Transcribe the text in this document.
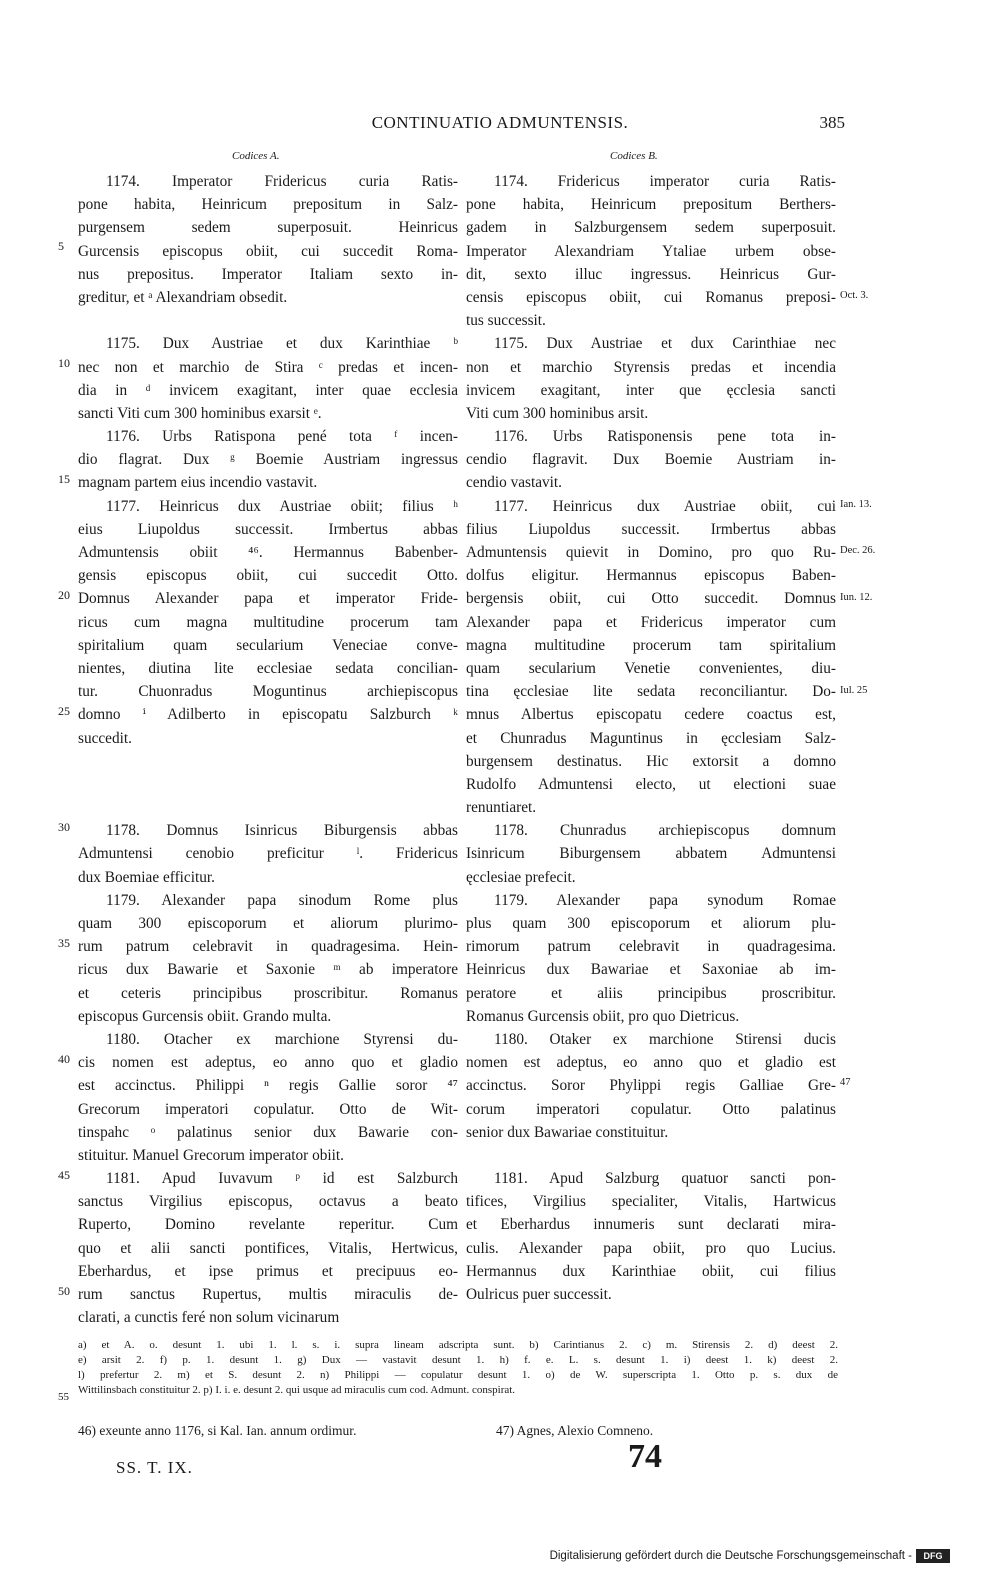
CONTINUATIO ADMUNTENSIS.	385
Codices A.	Codices B.
1174. Imperator Fridericus curia Ratis-
pone habita, Heinricum prepositum in Salz-
purgensem sedem superposuit. Heinricus
Gurcensis episcopus obiit, cui succedit Roma-
nus prepositus. Imperator Italiam sexto in-
greditur, et ᵃ Alexandriam obsedit.
1175. Dux Austriae et dux Karinthiae ᵇ
nec non et marchio de Stira ᶜ predas et incen-
dia in ᵈ invicem exagitant, inter quae ecclesia
sancti Viti cum 300 hominibus exarsit ᵉ.
1176. Urbs Ratispona pené tota ᶠ incen-
dio flagrat. Dux ᵍ Boemie Austriam ingressus
magnam partem eius incendio vastavit.
1177. Heinricus dux Austriae obiit; filius ʰ
eius Liupoldus successit. Irmbertus abbas
Admuntensis obiit ⁴⁶. Hermannus Babenber-
gensis episcopus obiit, cui succedit Otto.
Domnus Alexander papa et imperator Fride-
ricus cum magna multitudine procerum tam
spiritalium quam secularium Veneciae conve-
nientes, diutina lite ecclesiae sedata concilian-
tur. Chuonradus Moguntinus archiepiscopus
domno ⁱ Adilberto in episcopatu Salzburch ᵏ
succedit.
1178. Domnus Isinricus Biburgensis abbas
Admuntensi cenobio preficitur ˡ. Fridericus
dux Boemiae efficitur.
1179. Alexander papa sinodum Rome plus
quam 300 episcoporum et aliorum plurimo-
rum patrum celebravit in quadragesima. Hein-
ricus dux Bawarie et Saxonie ᵐ ab imperatore
et ceteris principibus proscribitur. Romanus
episcopus Gurcensis obiit. Grando multa.
1180. Otacher ex marchione Styrensi du-
cis nomen est adeptus, eo anno quo et gladio
est accinctus. Philippi ⁿ regis Gallie soror ⁴⁷
Grecorum imperatori copulatur. Otto de Wit-
tinspahc ᵒ palatinus senior dux Bawarie con-
stituitur. Manuel Grecorum imperator obiit.
1181. Apud Iuvavum ᵖ id est Salzburch
sanctus Virgilius episcopus, octavus a beato
Ruperto, Domino revelante reperitur. Cum
quo et alii sancti pontifices, Vitalis, Hertwicus,
Eberhardus, et ipse primus et precipuus eo-
rum sanctus Rupertus, multis miraculis de-
clarati, a cunctis feré non solum vicinarum
1174. Fridericus imperator curia Ratis-
pone habita, Heinricum prepositum Berthers-
gadem in Salzburgensem sedem superposuit.
Imperator Alexandriam Ytaliae urbem obse-
dit, sexto illuc ingressus. Heinricus Gur-
censis episcopus obiit, cui Romanus preposi-
tus successit.
1175. Dux Austriae et dux Carinthiae nec
non et marchio Styrensis predas et incendia
invicem exagitant, inter que ęcclesia sancti
Viti cum 300 hominibus arsit.
1176. Urbs Ratisponensis pene tota in-
cendio flagravit. Dux Boemie Austriam in-
cendio vastavit.
1177. Heinricus dux Austriae obiit, cui
filius Liupoldus successit. Irmbertus abbas
Admuntensis quievit in Domino, pro quo Ru-
dolfus eligitur. Hermannus episcopus Baben-
bergensis obiit, cui Otto succedit. Domnus
Alexander papa et Fridericus imperator cum
magna multitudine procerum tam spiritalium
quam secularium Venetie convenientes, diu-
tina ęcclesiae lite sedata reconciliantur. Do-
mnus Albertus episcopatu cedere coactus est,
et Chunradus Maguntinus in ęcclesiam Salz-
burgensem destinatus. Hic extorsit a domno
Rudolfo Admuntensi electo, ut electioni suae
renuntiaret.
1178. Chunradus archiepiscopus domnum
Isinricum Biburgensem abbatem Admuntensi
ęcclesiae prefecit.
1179. Alexander papa synodum Romae
plus quam 300 episcoporum et aliorum plu-
rimorum patrum celebravit in quadragesima.
Heinricus dux Bawariae et Saxoniae ab im-
peratore et aliis principibus proscribitur.
Romanus Gurcensis obiit, pro quo Dietricus.
1180. Otaker ex marchione Stirensi ducis
nomen est adeptus, eo anno quo et gladio est
accinctus. Soror Phylippi regis Galliae Gre-
corum imperatori copulatur. Otto palatinus
senior dux Bawariae constituitur.
1181. Apud Salzburg quatuor sancti pon-
tifices, Virgilius specialiter, Vitalis, Hartwicus
et Eberhardus innumeris sunt declarati mira-
culis. Alexander papa obiit, pro quo Lucius.
Hermannus dux Karinthiae obiit, cui filius
Oulricus puer successit.
5
10
15
20
25
30
35
40
45
50
55
Oct. 3.
Ian. 13.
Dec. 26.
Iun. 12.
Iul. 25
47
a) et A. o. desunt 1. ubi 1. l. s. i. supra lineam adscripta sunt. b) Carintianus 2. c) m. Stirensis 2. d) deest 2.
e) arsit 2. f) p. 1. desunt 1. g) Dux — vastavit desunt 1. h) f. e. L. s. desunt 1. i) deest 1. k) deest 2.
l) prefertur 2. m) et S. desunt 2. n) Philippi — copulatur desunt 1. o) de W. superscripta 1. Otto p. s. dux de
Wittilinsbach constituitur 2. p) I. i. e. desunt 2. qui usque ad miraculis cum cod. Admunt. conspirat.
46) exeunte anno 1176, si Kal. Ian. annum ordimur.	47) Agnes, Alexio Comneno.
SS. T. IX.	74
Digitalisierung gefördert durch die Deutsche Forschungsgemeinschaft -	DFG
